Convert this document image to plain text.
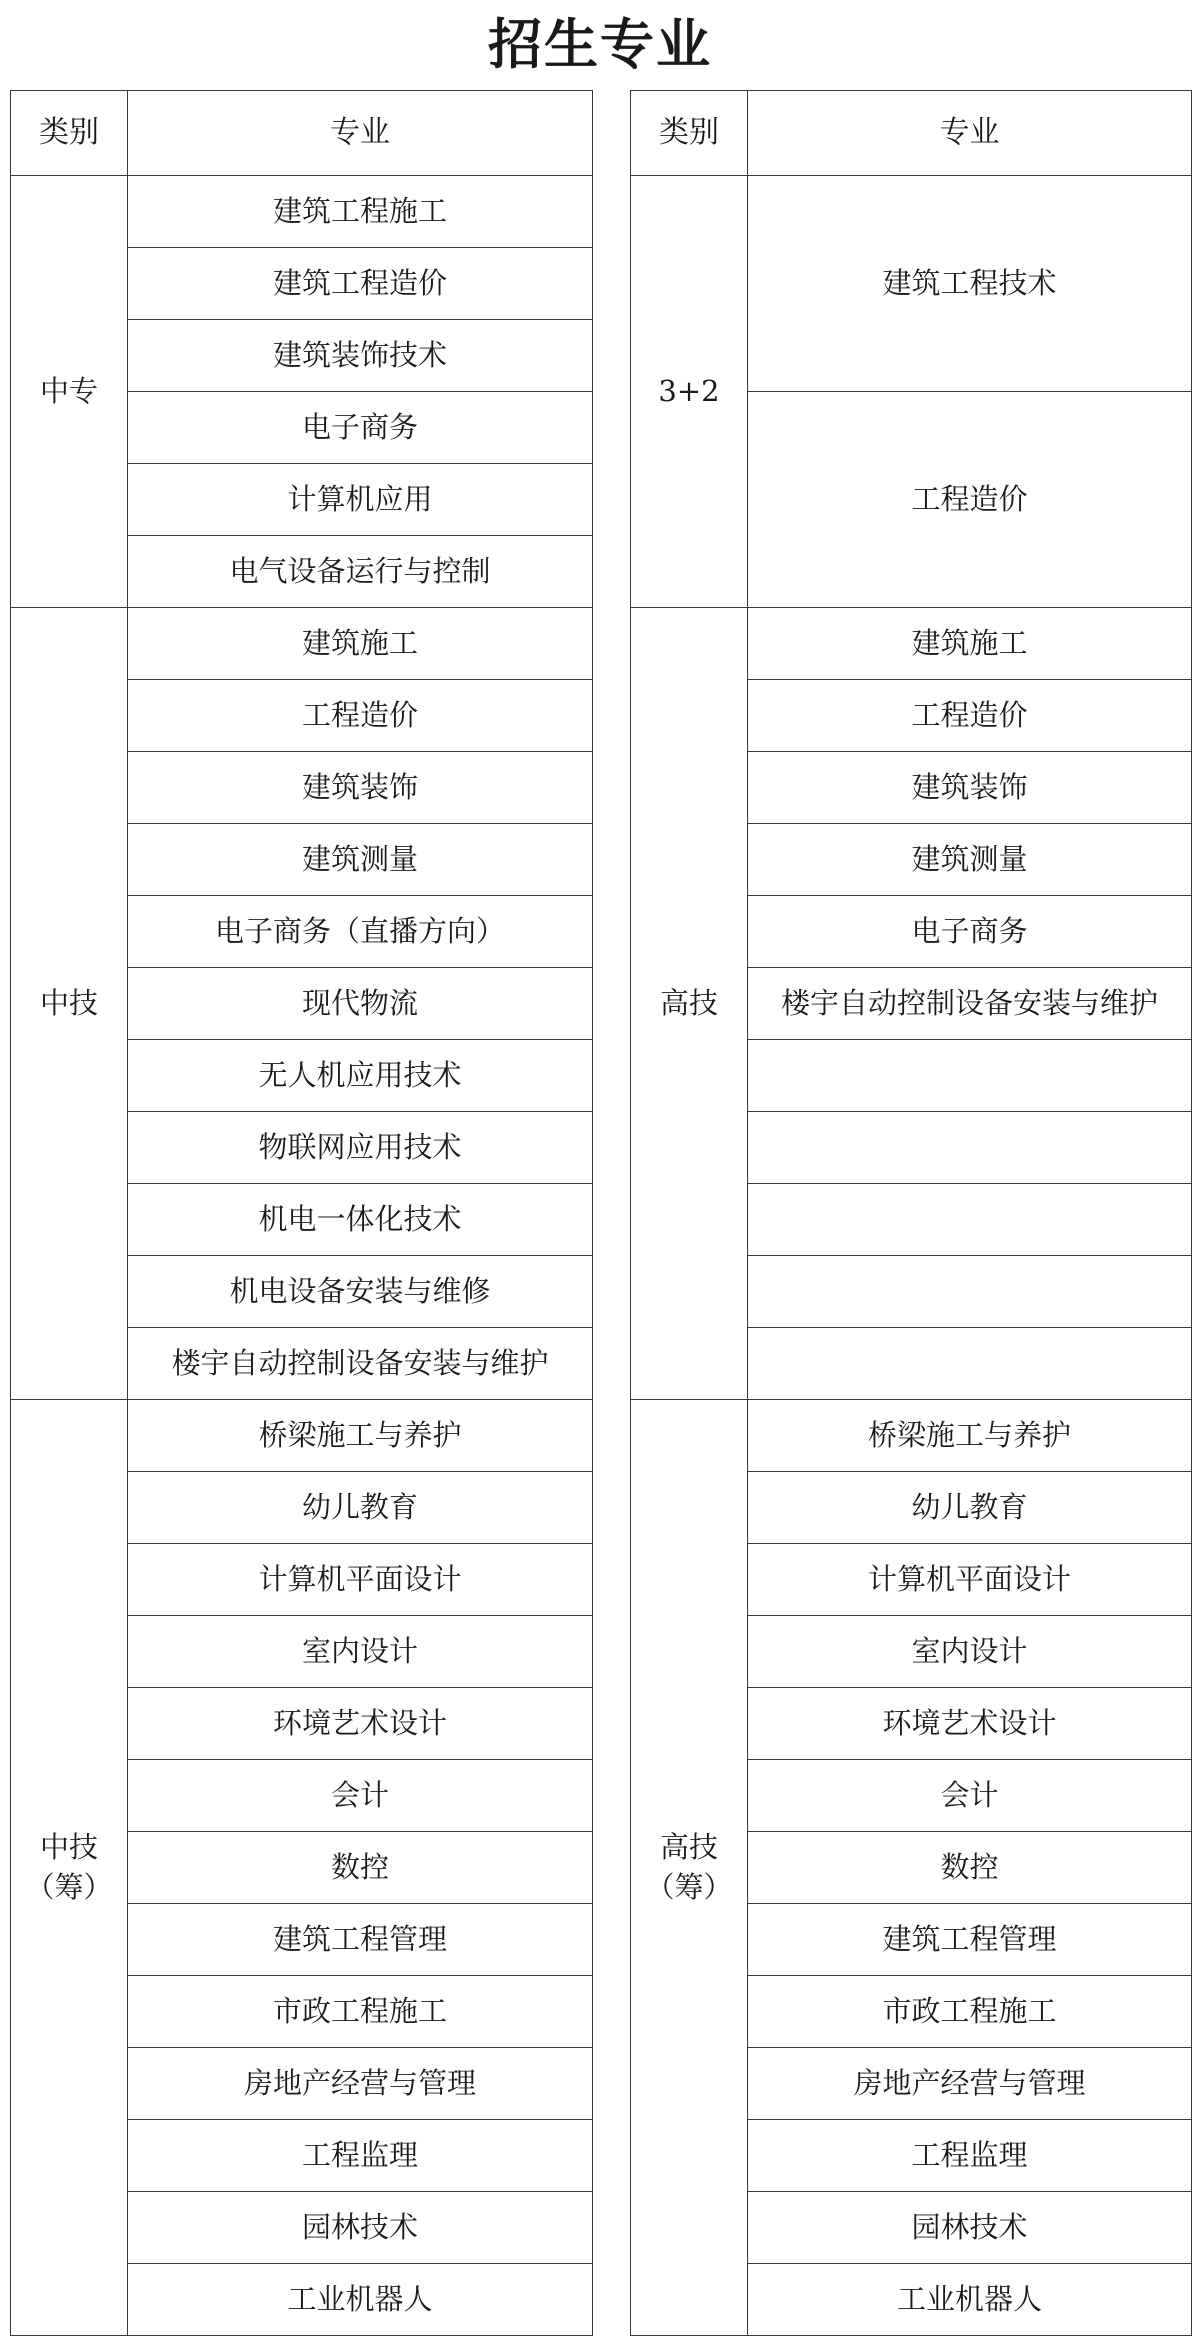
招生专业
类别	专业
中专
建筑工程施工
建筑工程造价
建筑装饰技术
电子商务
计算机应用
电气设备运行与控制
中技
建筑施工
工程造价
建筑装饰
建筑测量
电子商务（直播方向）
现代物流
无人机应用技术
物联网应用技术
机电一体化技术
机电设备安装与维修
楼宇自动控制设备安装与维护
中技
（筹）
桥梁施工与养护
幼儿教育
计算机平面设计
室内设计
环境艺术设计
会计
数控
建筑工程管理
市政工程施工
房地产经营与管理
工程监理
园林技术
工业机器人
类别	专业
3+2
建筑工程技术
工程造价
高技
建筑施工
工程造价
建筑装饰
建筑测量
电子商务
楼宇自动控制设备安装与维护
高技
（筹）
桥梁施工与养护
幼儿教育
计算机平面设计
室内设计
环境艺术设计
会计
数控
建筑工程管理
市政工程施工
房地产经营与管理
工程监理
园林技术
工业机器人
